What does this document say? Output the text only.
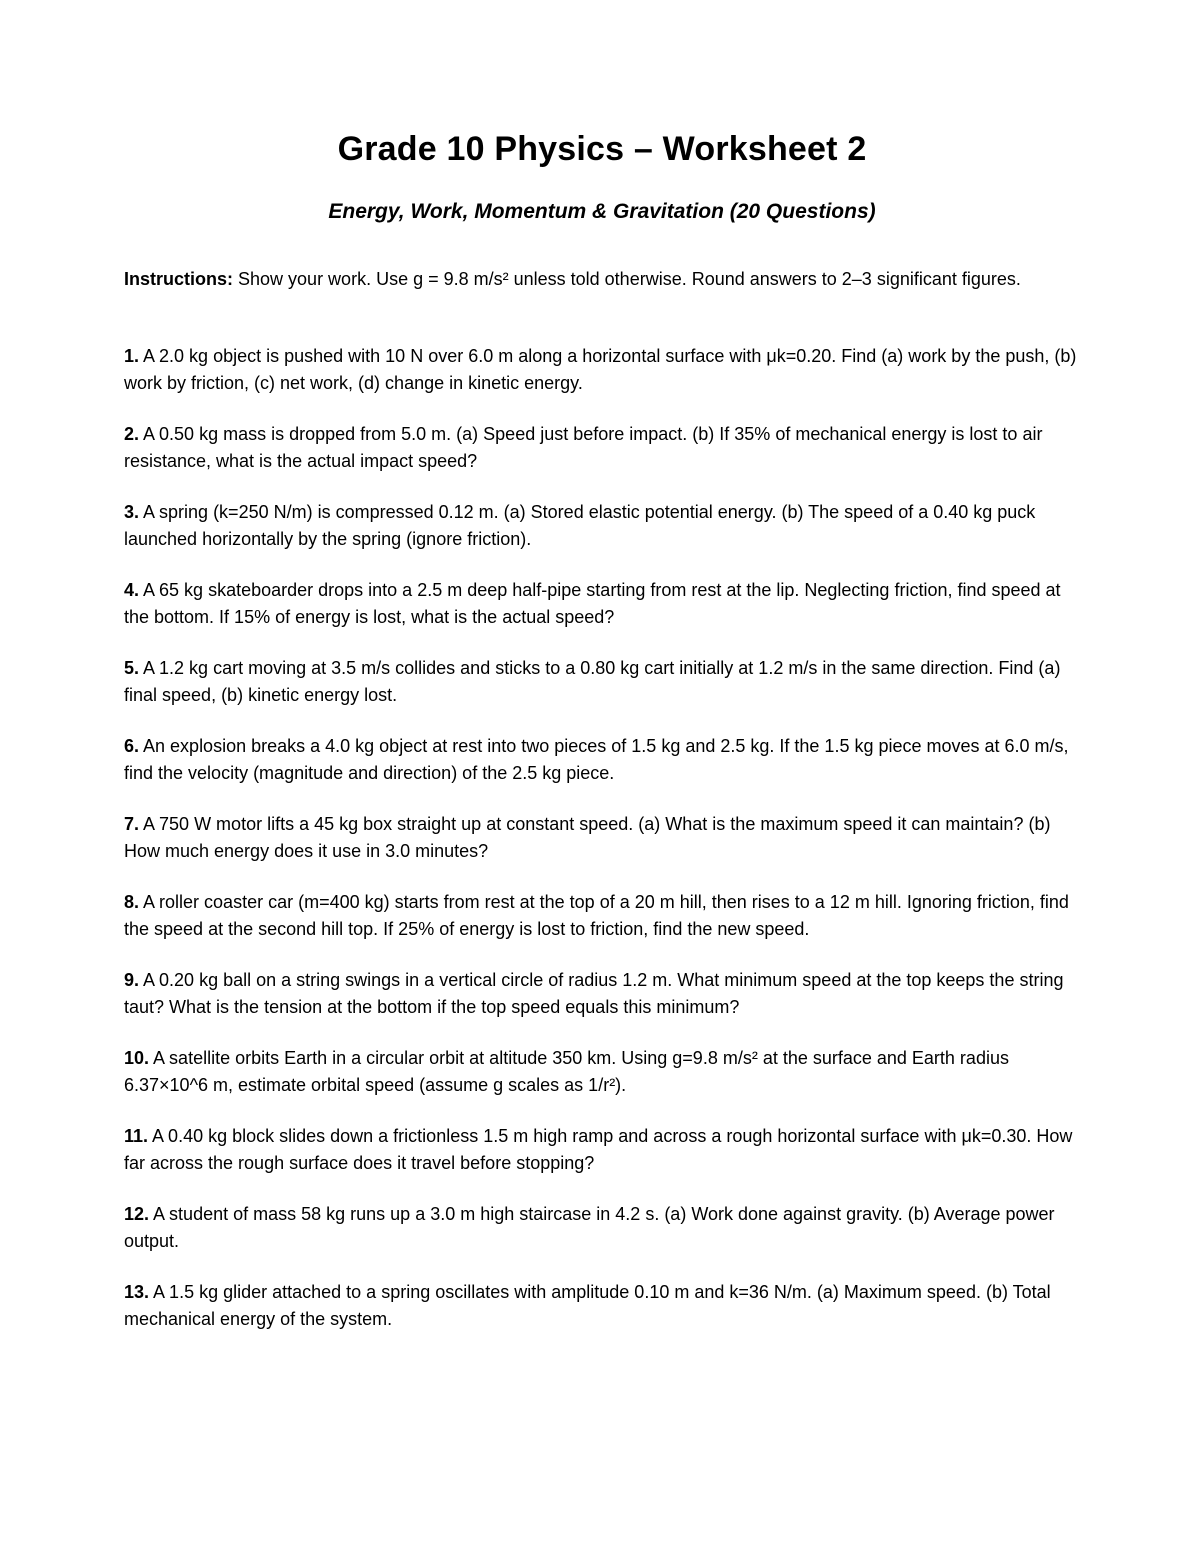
Grade 10 Physics – Worksheet 2
Energy, Work, Momentum & Gravitation (20 Questions)

Instructions: Show your work. Use g = 9.8 m/s² unless told otherwise. Round answers to 2–3 significant figures.

1. A 2.0 kg object is pushed with 10 N over 6.0 m along a horizontal surface with μk=0.20. Find (a) work by the push, (b) work by friction, (c) net work, (d) change in kinetic energy.

2. A 0.50 kg mass is dropped from 5.0 m. (a) Speed just before impact. (b) If 35% of mechanical energy is lost to air resistance, what is the actual impact speed?

3. A spring (k=250 N/m) is compressed 0.12 m. (a) Stored elastic potential energy. (b) The speed of a 0.40 kg puck launched horizontally by the spring (ignore friction).

4. A 65 kg skateboarder drops into a 2.5 m deep half-pipe starting from rest at the lip. Neglecting friction, find speed at the bottom. If 15% of energy is lost, what is the actual speed?

5. A 1.2 kg cart moving at 3.5 m/s collides and sticks to a 0.80 kg cart initially at 1.2 m/s in the same direction. Find (a) final speed, (b) kinetic energy lost.

6. An explosion breaks a 4.0 kg object at rest into two pieces of 1.5 kg and 2.5 kg. If the 1.5 kg piece moves at 6.0 m/s, find the velocity (magnitude and direction) of the 2.5 kg piece.

7. A 750 W motor lifts a 45 kg box straight up at constant speed. (a) What is the maximum speed it can maintain? (b) How much energy does it use in 3.0 minutes?

8. A roller coaster car (m=400 kg) starts from rest at the top of a 20 m hill, then rises to a 12 m hill. Ignoring friction, find the speed at the second hill top. If 25% of energy is lost to friction, find the new speed.

9. A 0.20 kg ball on a string swings in a vertical circle of radius 1.2 m. What minimum speed at the top keeps the string taut? What is the tension at the bottom if the top speed equals this minimum?

10. A satellite orbits Earth in a circular orbit at altitude 350 km. Using g=9.8 m/s² at the surface and Earth radius 6.37×10^6 m, estimate orbital speed (assume g scales as 1/r²).

11. A 0.40 kg block slides down a frictionless 1.5 m high ramp and across a rough horizontal surface with μk=0.30. How far across the rough surface does it travel before stopping?

12. A student of mass 58 kg runs up a 3.0 m high staircase in 4.2 s. (a) Work done against gravity. (b) Average power output.

13. A 1.5 kg glider attached to a spring oscillates with amplitude 0.10 m and k=36 N/m. (a) Maximum speed. (b) Total mechanical energy of the system.
